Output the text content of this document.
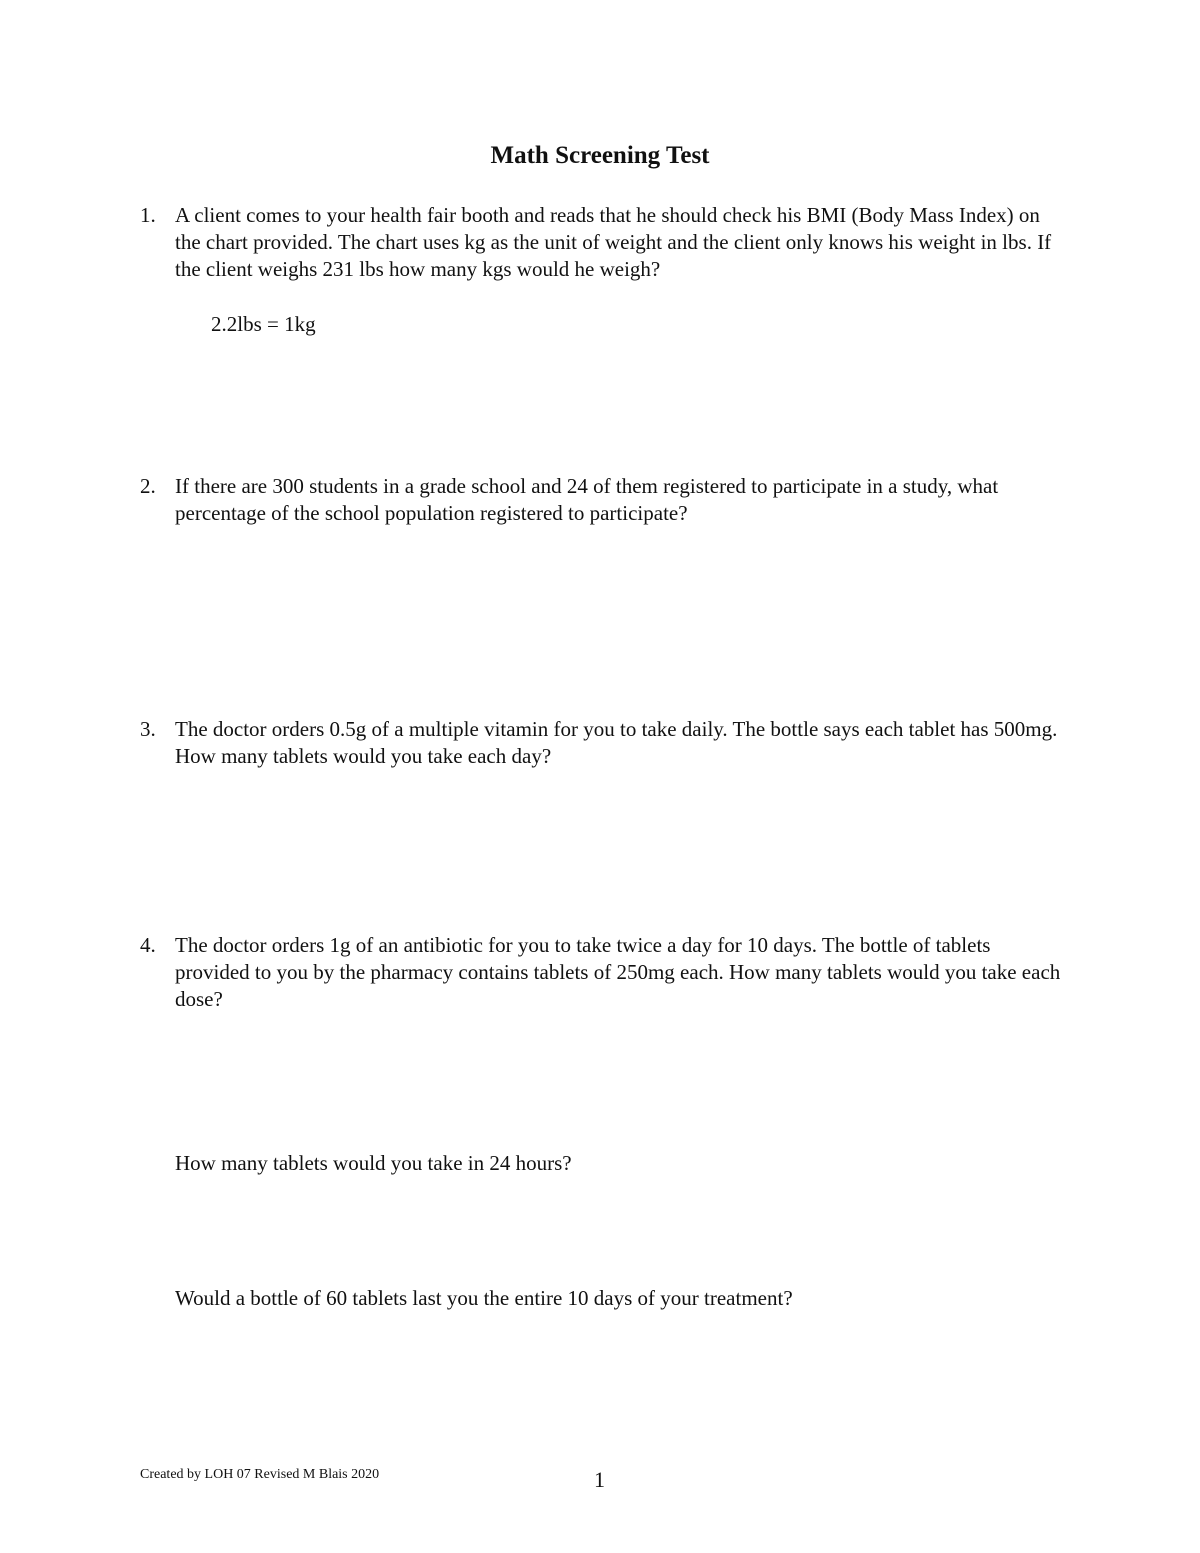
Math Screening Test
1. A client comes to your health fair booth and reads that he should check his BMI (Body Mass Index) on the chart provided. The chart uses kg as the unit of weight and the client only knows his weight in lbs. If the client weighs 231 lbs how many kgs would he weigh?
2.2lbs = 1kg
2. If there are 300 students in a grade school and 24 of them registered to participate in a study, what percentage of the school population registered to participate?
3. The doctor orders 0.5g of a multiple vitamin for you to take daily. The bottle says each tablet has 500mg. How many tablets would you take each day?
4. The doctor orders 1g of an antibiotic for you to take twice a day for 10 days. The bottle of tablets provided to you by the pharmacy contains tablets of 250mg each. How many tablets would you take each dose?
How many tablets would you take in 24 hours?
Would a bottle of 60 tablets last you the entire 10 days of your treatment?
Created by LOH 07 Revised M Blais 2020	1
